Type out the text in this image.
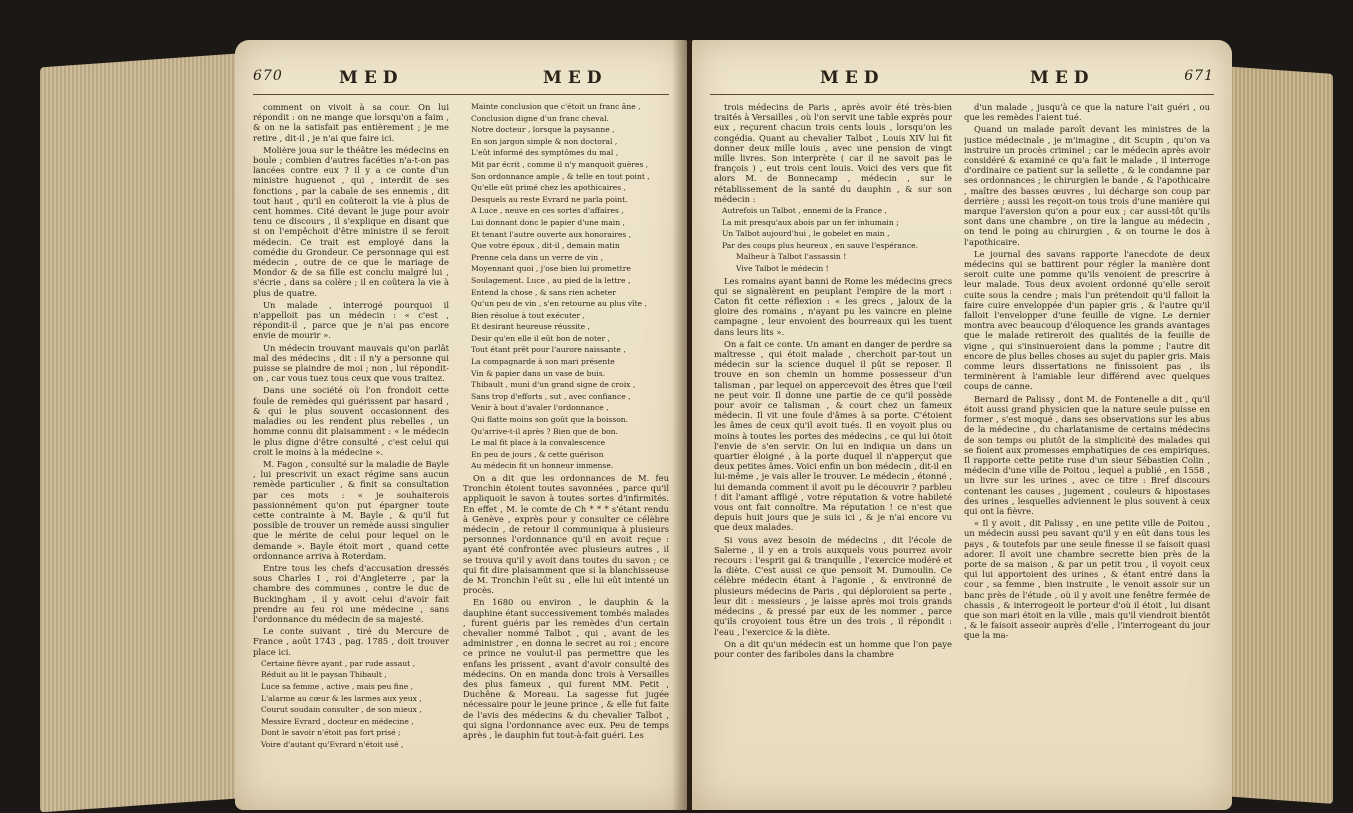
670	MED	MED

comment on vivoit à sa cour. On lui répondit : on ne mange que lorsqu'on a faim , & on ne la satisfait pas entièrement ; je me retire , dit-il , je n'ai que faire ici.

Molière joua sur le théâtre les médecins en boule ; combien d'autres facéties n'a-t-on pas lancées contre eux ? il y a ce conte d'un ministre huguenot , qui , interdit de ses fonctions , par la cabale de ses ennemis , dit tout haut , qu'il en coûteroit la vie à plus de cent hommes. Cité devant le juge pour avoir tenu ce discours , il s'explique en disant que si on l'empêchoit d'être ministre il se feroit médecin. Ce trait est employé dans la comédie du Grondeur. Ce personnage qui est médecin , outre de ce que le mariage de Mondor & de sa fille est conclu malgré lui , s'écrie , dans sa colère ; il en coûtera la vie à plus de quatre.

Un malade , interrogé pourquoi il n'appelloit pas un médecin : « c'est , répondit-il , parce que je n'ai pas encore envie de mourir ».

Un médecin trouvant mauvais qu'on parlât mal des médecins , dit : il n'y a personne qui puisse se plaindre de moi ; non , lui répondit-on , car vous tuez tous ceux que vous traitez.

Dans une société où l'on frondoit cette foule de remèdes qui guérissent par hasard , & qui le plus souvent occasionnent des maladies ou les rendent plus rebelles , un homme connu dit plaisamment : « le médecin le plus digne d'être consulté , c'est celui qui croit le moins à la médecine ».

M. Fagon , consulté sur la maladie de Bayle , lui prescrivit un exact régime sans aucun remède particulier , & finit sa consultation par ces mots : « je souhaiterois passionnément qu'on put épargner toute cette contrainte à M. Bayle , & qu'il fut possible de trouver un remède aussi singulier que le mérite de celui pour lequel on le demande ». Bayle étoit mort , quand cette ordonnance arriva à Roterdam.

Entre tous les chefs d'accusation dressés sous Charles I , roi d'Angleterre , par la chambre des communes , contre le duc de Buckingham , il y avoit celui d'avoir fait prendre au feu roi une médecine , sans l'ordonnance du médecin de sa majesté.

Le conte suivant , tiré du Mercure de France , août 1743 , pag. 1785 , doit trouver place ici.

Certaine fièvre ayant , par rude assaut ,

Réduit au lit le paysan Thibault ,

Luce sa femme , active , mais peu fine ,

L'alarme au cœur & les larmes aux yeux ,

Courut soudain consulter , de son mieux ,

Messire Evrard , docteur en médecine ,

Dont le savoir n'étoit pas fort prisé ;

Voire d'autant qu'Evrard n'étoit usé ,

Mainte conclusion que c'étoit un franc âne ,

Conclusion digne d'un franc cheval.

Notre docteur , lorsque la paysanne ,

En son jargon simple & non doctoral ,

L'eût informé des symptômes du mal ,

Mit par écrit , comme il n'y manquoit guères ,

Son ordonnance ample , & telle en tout point ,

Qu'elle eût primé chez les apothicaires ,

Desquels au reste Evrard ne parla point.

A Luce , neuve en ces sortes d'affaires ,

Lui donnant donc le papier d'une main ,

Et tenant l'autre ouverte aux honoraires ,

Que votre époux , dit-il , demain matin

Prenne cela dans un verre de vin ,

Moyennant quoi , j'ose bien lui promettre

Soulagement. Luce , au pied de la lettre ,

Entend la chose , & sans rien acheter

Qu'un peu de vin , s'en retourne au plus vîte ,

Bien résolue à tout exécuter ,

Et desirant heureuse réussite ,

Desir qu'en elle il eût bon de noter ,

Tout étant prêt pour l'aurore naissante ,

La compagnarde à son mari présente

Vin & papier dans un vase de buis.

Thibault , muni d'un grand signe de croix ,

Sans trop d'efforts , sut , avec confiance ,

Venir à bout d'avaler l'ordonnance ,

Qui flatte moins son goût que la boisson.

Qu'arrive-t-il après ? Bien que de bon.

Le mal fit place à la convalescence

En peu de jours , & cette guérison

Au médecin fit un honneur immense.

On a dit que les ordonnances de M. feu Tronchin étoient toutes savonnées , parce qu'il appliquoit le savon à toutes sortes d'infirmités. En effet , M. le comte de Ch * * * s'étant rendu à Genève , exprès pour y consulter ce célèbre médecin , de retour il communiqua à plusieurs personnes l'ordonnance qu'il en avoit reçue : ayant été confrontée avec plusieurs autres , il se trouva qu'il y avoit dans toutes du savon ; ce qui fit dire plaisamment que si la blanchisseuse de M. Tronchin l'eût su , elle lui eût intenté un procès.

En 1680 ou environ , le dauphin & la dauphine étant successivement tombés malades , furent guéris par les remèdes d'un certain chevalier nommé Talbot , qui , avant de les administrer , en donna le secret au roi ; encore ce prince ne voulut-il pas permettre que les enfans les prissent , avant d'avoir consulté des médecins. On en manda donc trois à Versailles des plus fameux , qui furent MM. Petit , Duchêne & Moreau. La sagesse fut jugée nécessaire pour le jeune prince , & elle fut faite de l'avis des médecins & du chevalier Talbot , qui signa l'ordonnance avec eux. Peu de temps après , le dauphin fut tout-à-fait guéri. Les

MED	MED	671

trois médecins de Paris , après avoir été très-bien traités à Versailles , où l'on servit une table exprès pour eux , reçurent chacun trois cents louis , lorsqu'on les congédia. Quant au chevalier Talbot , Louis XIV lui fit donner deux mille louis , avec une pension de vingt mille livres. Son interprète ( car il ne savoit pas le françois ) , eut trois cent louis. Voici des vers que fit alors M. de Bonnecamp , médecin , sur le rétablissement de la santé du dauphin , & sur son médecin :

Autrefois un Talbot , ennemi de la France ,

La mit presqu'aux abois par un fer inhumain ;

Un Talbot aujourd'hui , le gobelet en main ,

Par des coups plus heureux , en sauve l'espérance.

Malheur à Talbot l'assassin !

Vive Talbot le médecin !

Les romains ayant banni de Rome les médecins grecs qui se signalèrent en peuplant l'empire de la mort : Caton fit cette réflexion : « les grecs , jaloux de la gloire des romains , n'ayant pu les vaincre en pleine campagne , leur envoient des bourreaux qui les tuent dans leurs lits ».

On a fait ce conte. Un amant en danger de perdre sa maîtresse , qui étoit malade , cherchoit par-tout un médecin sur la science duquel il pût se reposer. Il trouve en son chemin un homme possesseur d'un talisman , par lequel on appercevoit des êtres que l'œil ne peut voir. Il donne une partie de ce qu'il possède pour avoir ce talisman , & court chez un fameux médecin. Il vit une foule d'âmes à sa porte. C'étoient les âmes de ceux qu'il avoit tués. Il en voyoit plus ou moins à toutes les portes des médecins , ce qui lui ôtoit l'envie de s'en servir. On lui en indiqua un dans un quartier éloigné , à la porte duquel il n'apperçut que deux petites âmes. Voici enfin un bon médecin , dit-il en lui-même , je vais aller le trouver. Le médecin , étonné , lui demanda comment il avoit pu le découvrir ? parbleu ! dit l'amant affligé , votre réputation & votre habileté vous ont fait connoître. Ma réputation ! ce n'est que depuis huit jours que je suis ici , & je n'ai encore vu que deux malades.

Si vous avez besoin de médecins , dit l'école de Salerne , il y en a trois auxquels vous pourrez avoir recours : l'esprit gai & tranquille , l'exercice modéré et la diète. C'est aussi ce que pensoit M. Dumoulin. Ce célèbre médecin étant à l'agonie , & environné de plusieurs médecins de Paris , qui déploroient sa perte , leur dit : messieurs , je laisse après moi trois grands médecins , & pressé par eux de les nommer , parce qu'ils croyoient tous être un des trois , il répondit : l'eau , l'exercice & la diète.

On a dit qu'un médecin est un homme que l'on paye pour conter des fariboles dans la chambre

d'un malade , jusqu'à ce que la nature l'ait guéri , ou que les remèdes l'aient tué.

Quand un malade paroît devant les ministres de la justice médecinale , je m'imagine , dit Scupin , qu'on va instruire un procès criminel ; car le médecin après avoir considéré & examiné ce qu'a fait le malade , il interroge d'ordinaire ce patient sur la sellette , & le condamne par ses ordonnances ; le chirurgien le bande , & l'apothicaire , maître des basses œuvres , lui décharge son coup par derrière ; aussi les reçoit-on tous trois d'une manière qui marque l'aversion qu'on a pour eux ; car aussi-tôt qu'ils sont dans une chambre , on tire la langue au médecin , on tend le poing au chirurgien , & on tourne le dos à l'apothicaire.

Le journal des savans rapporte l'anecdote de deux médecins qui se battirent pour régler la manière dont seroit cuite une pomme qu'ils venoient de prescrire à leur malade. Tous deux avoient ordonné qu'elle seroit cuite sous la cendre ; mais l'un prétendoit qu'il falloit la faire cuire enveloppée d'un papier gris , & l'autre qu'il falloit l'envelopper d'une feuille de vigne. Le dernier montra avec beaucoup d'éloquence les grands avantages que le malade retireroit des qualités de la feuille de vigne , qui s'insinueroient dans la pomme ; l'autre dit encore de plus belles choses au sujet du papier gris. Mais comme leurs dissertations ne finissoient pas , ils terminèrent à l'amiable leur différend avec quelques coups de canne.

Bernard de Palissy , dont M. de Fontenelle a dit , qu'il étoit aussi grand physicien que la nature seule puisse en former , s'est moqué , dans ses observations sur les abus de la médecine , du charlatanisme de certains médecins de son temps ou plutôt de la simplicité des malades qui se fioient aux promesses emphatiques de ces empiriques. Il rapporte cette petite ruse d'un sieur Sébastien Colin , médecin d'une ville de Poitou , lequel a publié , en 1558 , un livre sur les urines , avec ce titre : Bref discours contenant les causes , jugement , couleurs & hipostases des urines , lesquelles adviennent le plus souvent à ceux qui ont la fièvre.

« Il y avoit , dit Palissy , en une petite ville de Poitou , un médecin aussi peu savant qu'il y en eût dans tous les pays , & toutefois par une seule finesse il se faisoit quasi adorer. Il avoit une chambre secrette bien près de la porte de sa maison , & par un petit trou , il voyoit ceux qui lui apportoient des urines , & étant entré dans la cour , sa femme , bien instruite , le venoit assoir sur un banc près de l'étude , où il y avoit une fenêtre fermée de chassis , & interrogeoit le porteur d'où il étoit , lui disant que son mari étoit en la ville , mais qu'il viendroit bientôt , & le faisoit asseoir auprès d'elle , l'interrogeant du jour que la ma-
